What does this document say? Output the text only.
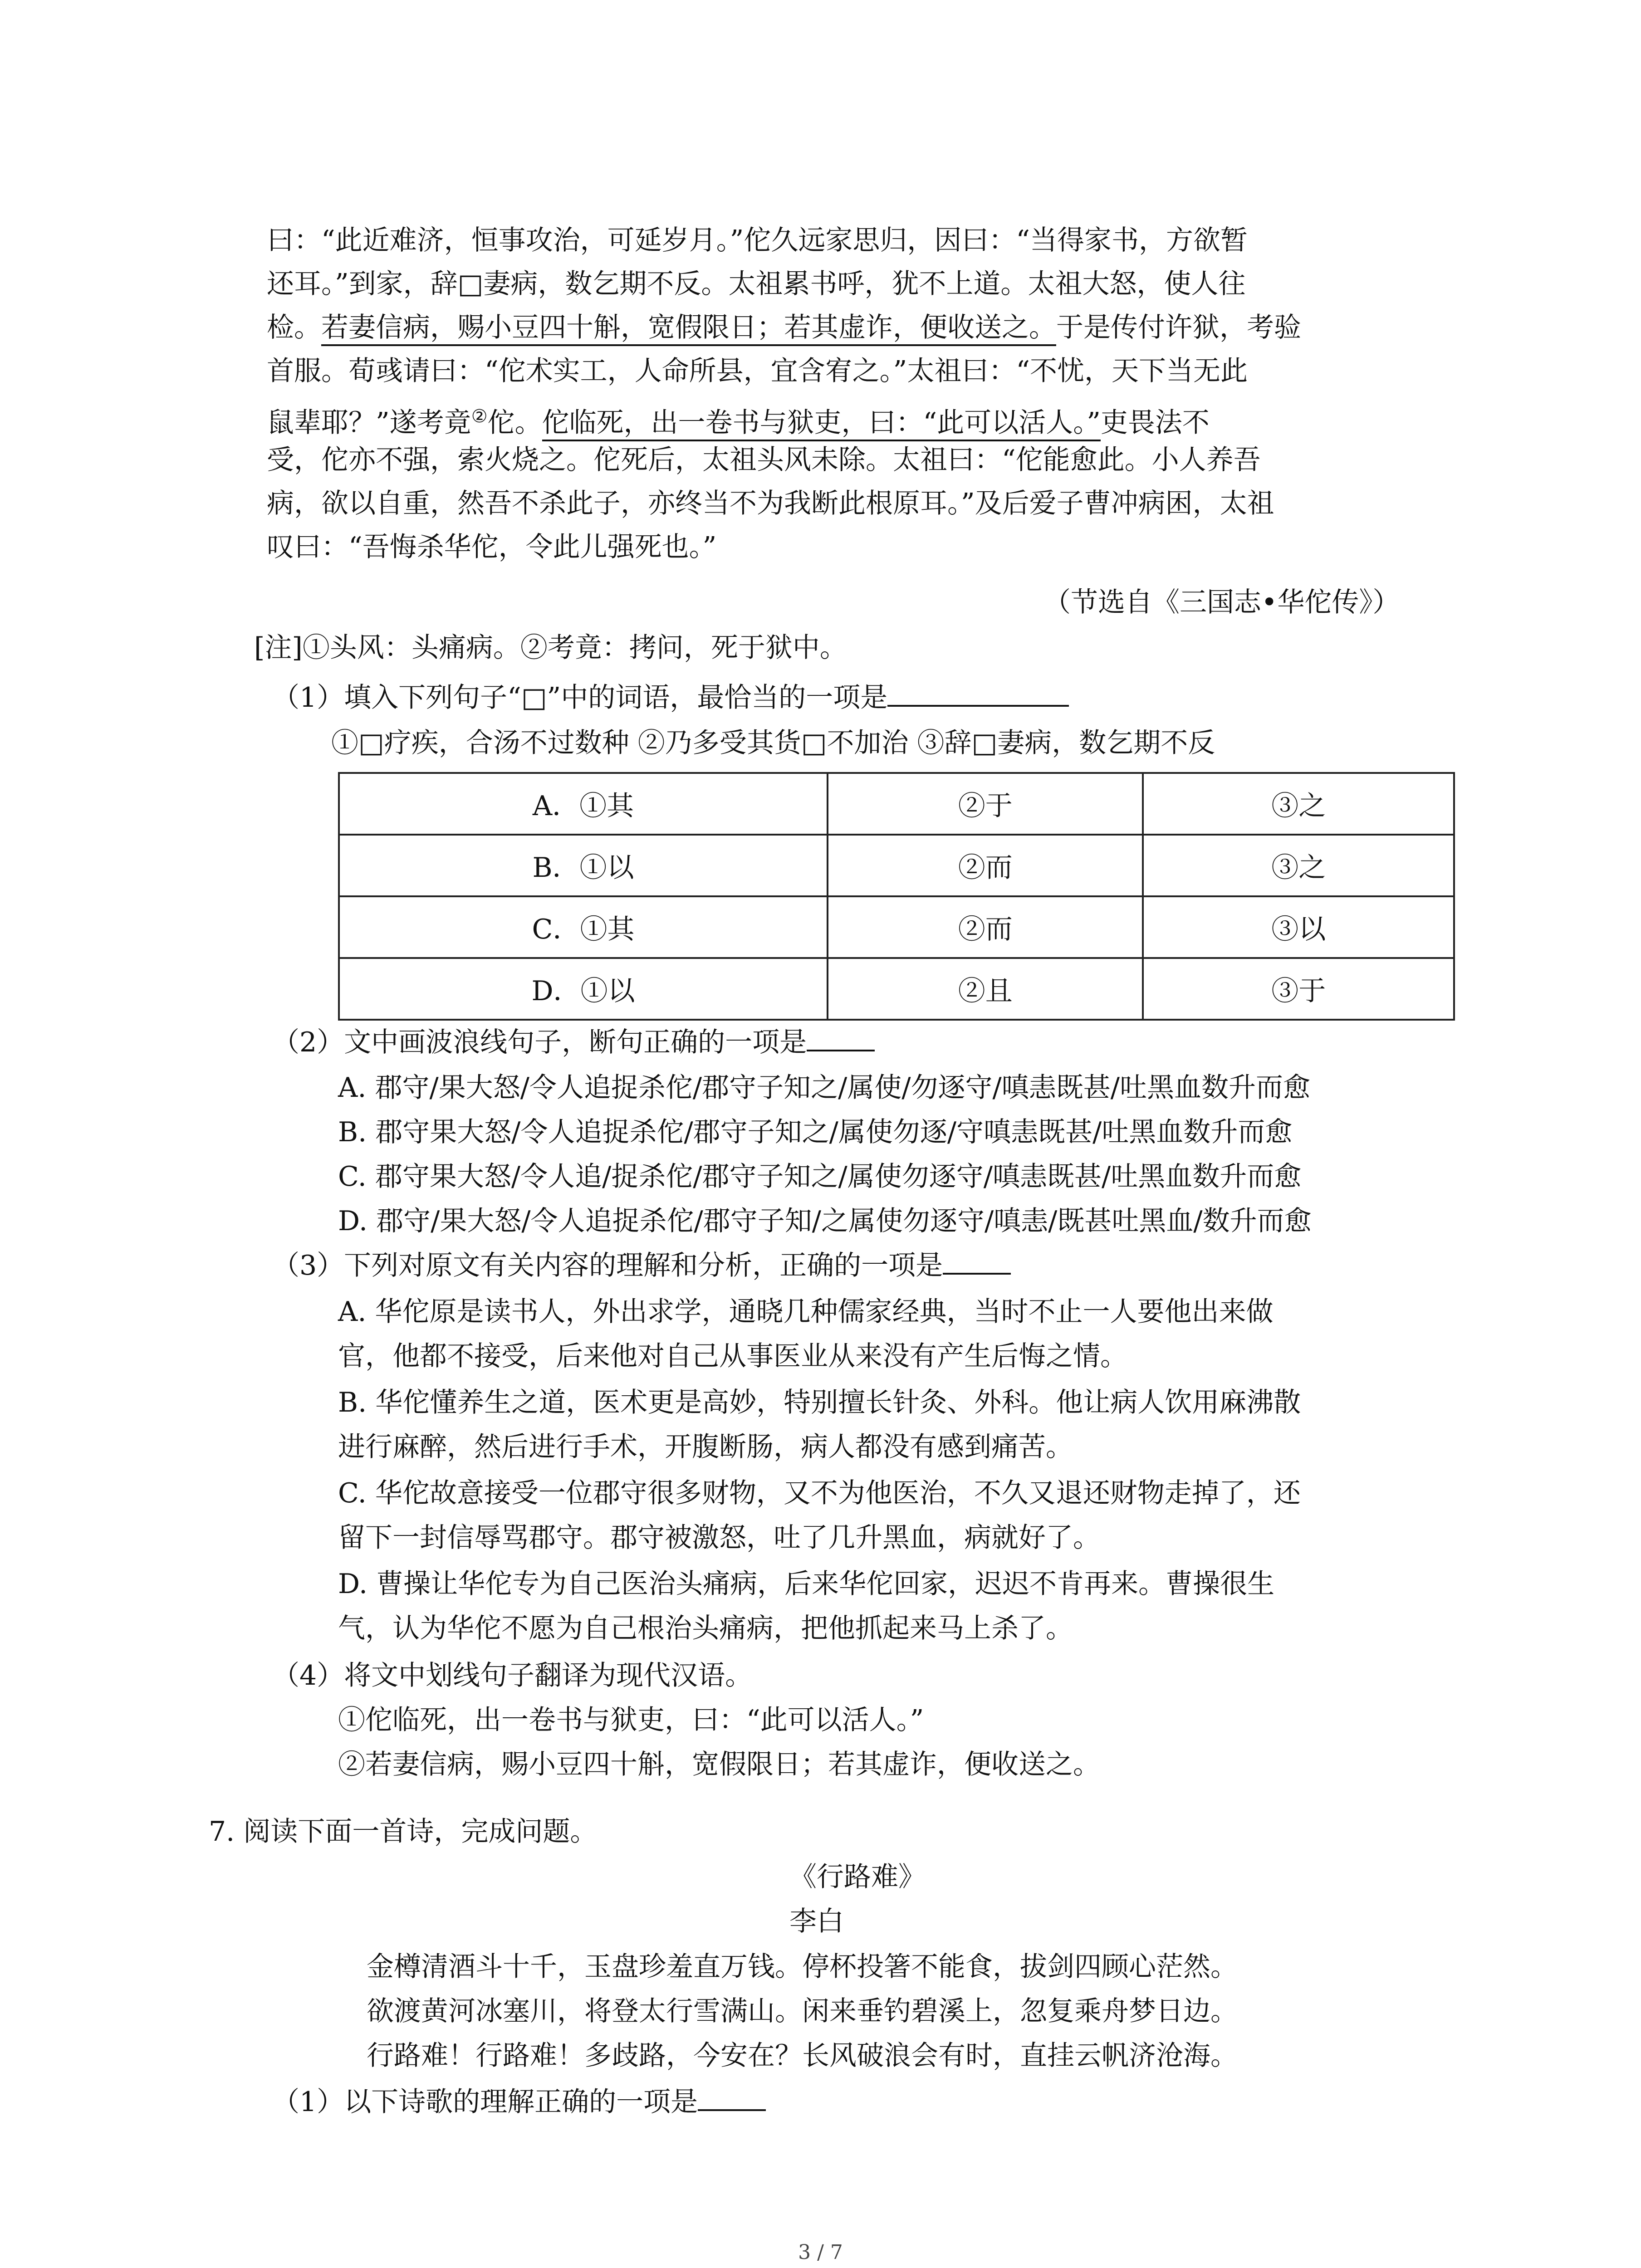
曰：“此近难济，恒事攻治，可延岁月。”佗久远家思归，因曰：“当得家书，方欲暂
还耳。”到家，辞□妻病，数乞期不反。太祖累书呼，犹不上道。太祖大怒，使人往
检。若妻信病，赐小豆四十斛，宽假限日；若其虚诈，便收送之。于是传付许狱，考验
首服。荀彧请曰：“佗术实工，人命所县，宜含宥之。”太祖曰：“不忧，天下当无此
鼠辈耶？”遂考竟②佗。佗临死，出一卷书与狱吏，曰：“此可以活人。”吏畏法不
受，佗亦不强，索火烧之。佗死后，太祖头风未除。太祖曰：“佗能愈此。小人养吾
病，欲以自重，然吾不杀此子，亦终当不为我断此根原耳。”及后爱子曹冲病困，太祖
叹曰：“吾悔杀华佗，令此儿强死也。”
（节选自《三国志•华佗传》）
[注]①头风：头痛病。②考竟：拷问，死于狱中。
（1）填入下列句子“□”中的词语，最恰当的一项是
①□疗疾，合汤不过数种 ②乃多受其货□不加治 ③辞□妻病，数乞期不反
A．①其	②于	③之
B．①以	②而	③之
C．①其	②而	③以
D．①以	②且	③于
（2）文中画波浪线句子，断句正确的一项是
A. 郡守/果大怒/令人追捉杀佗/郡守子知之/属使/勿逐守/嗔恚既甚/吐黑血数升而愈
B. 郡守果大怒/令人追捉杀佗/郡守子知之/属使勿逐/守嗔恚既甚/吐黑血数升而愈
C. 郡守果大怒/令人追/捉杀佗/郡守子知之/属使勿逐守/嗔恚既甚/吐黑血数升而愈
D. 郡守/果大怒/令人追捉杀佗/郡守子知/之属使勿逐守/嗔恚/既甚吐黑血/数升而愈
（3）下列对原文有关内容的理解和分析，正确的一项是
A. 华佗原是读书人，外出求学，通晓几种儒家经典，当时不止一人要他出来做
官，他都不接受，后来他对自己从事医业从来没有产生后悔之情。
B. 华佗懂养生之道，医术更是高妙，特别擅长针灸、外科。他让病人饮用麻沸散
进行麻醉，然后进行手术，开腹断肠，病人都没有感到痛苦。
C. 华佗故意接受一位郡守很多财物，又不为他医治，不久又退还财物走掉了，还
留下一封信辱骂郡守。郡守被激怒，吐了几升黑血，病就好了。
D. 曹操让华佗专为自己医治头痛病，后来华佗回家，迟迟不肯再来。曹操很生
气，认为华佗不愿为自己根治头痛病，把他抓起来马上杀了。
（4）将文中划线句子翻译为现代汉语。
①佗临死，出一卷书与狱吏，曰：“此可以活人。”
②若妻信病，赐小豆四十斛，宽假限日；若其虚诈，便收送之。
7. 阅读下面一首诗，完成问题。
《行路难》
李白
金樽清酒斗十千，玉盘珍羞直万钱。停杯投箸不能食，拔剑四顾心茫然。
欲渡黄河冰塞川，将登太行雪满山。闲来垂钓碧溪上，忽复乘舟梦日边。
行路难！行路难！多歧路，今安在？长风破浪会有时，直挂云帆济沧海。
（1）以下诗歌的理解正确的一项是
3 / 7
